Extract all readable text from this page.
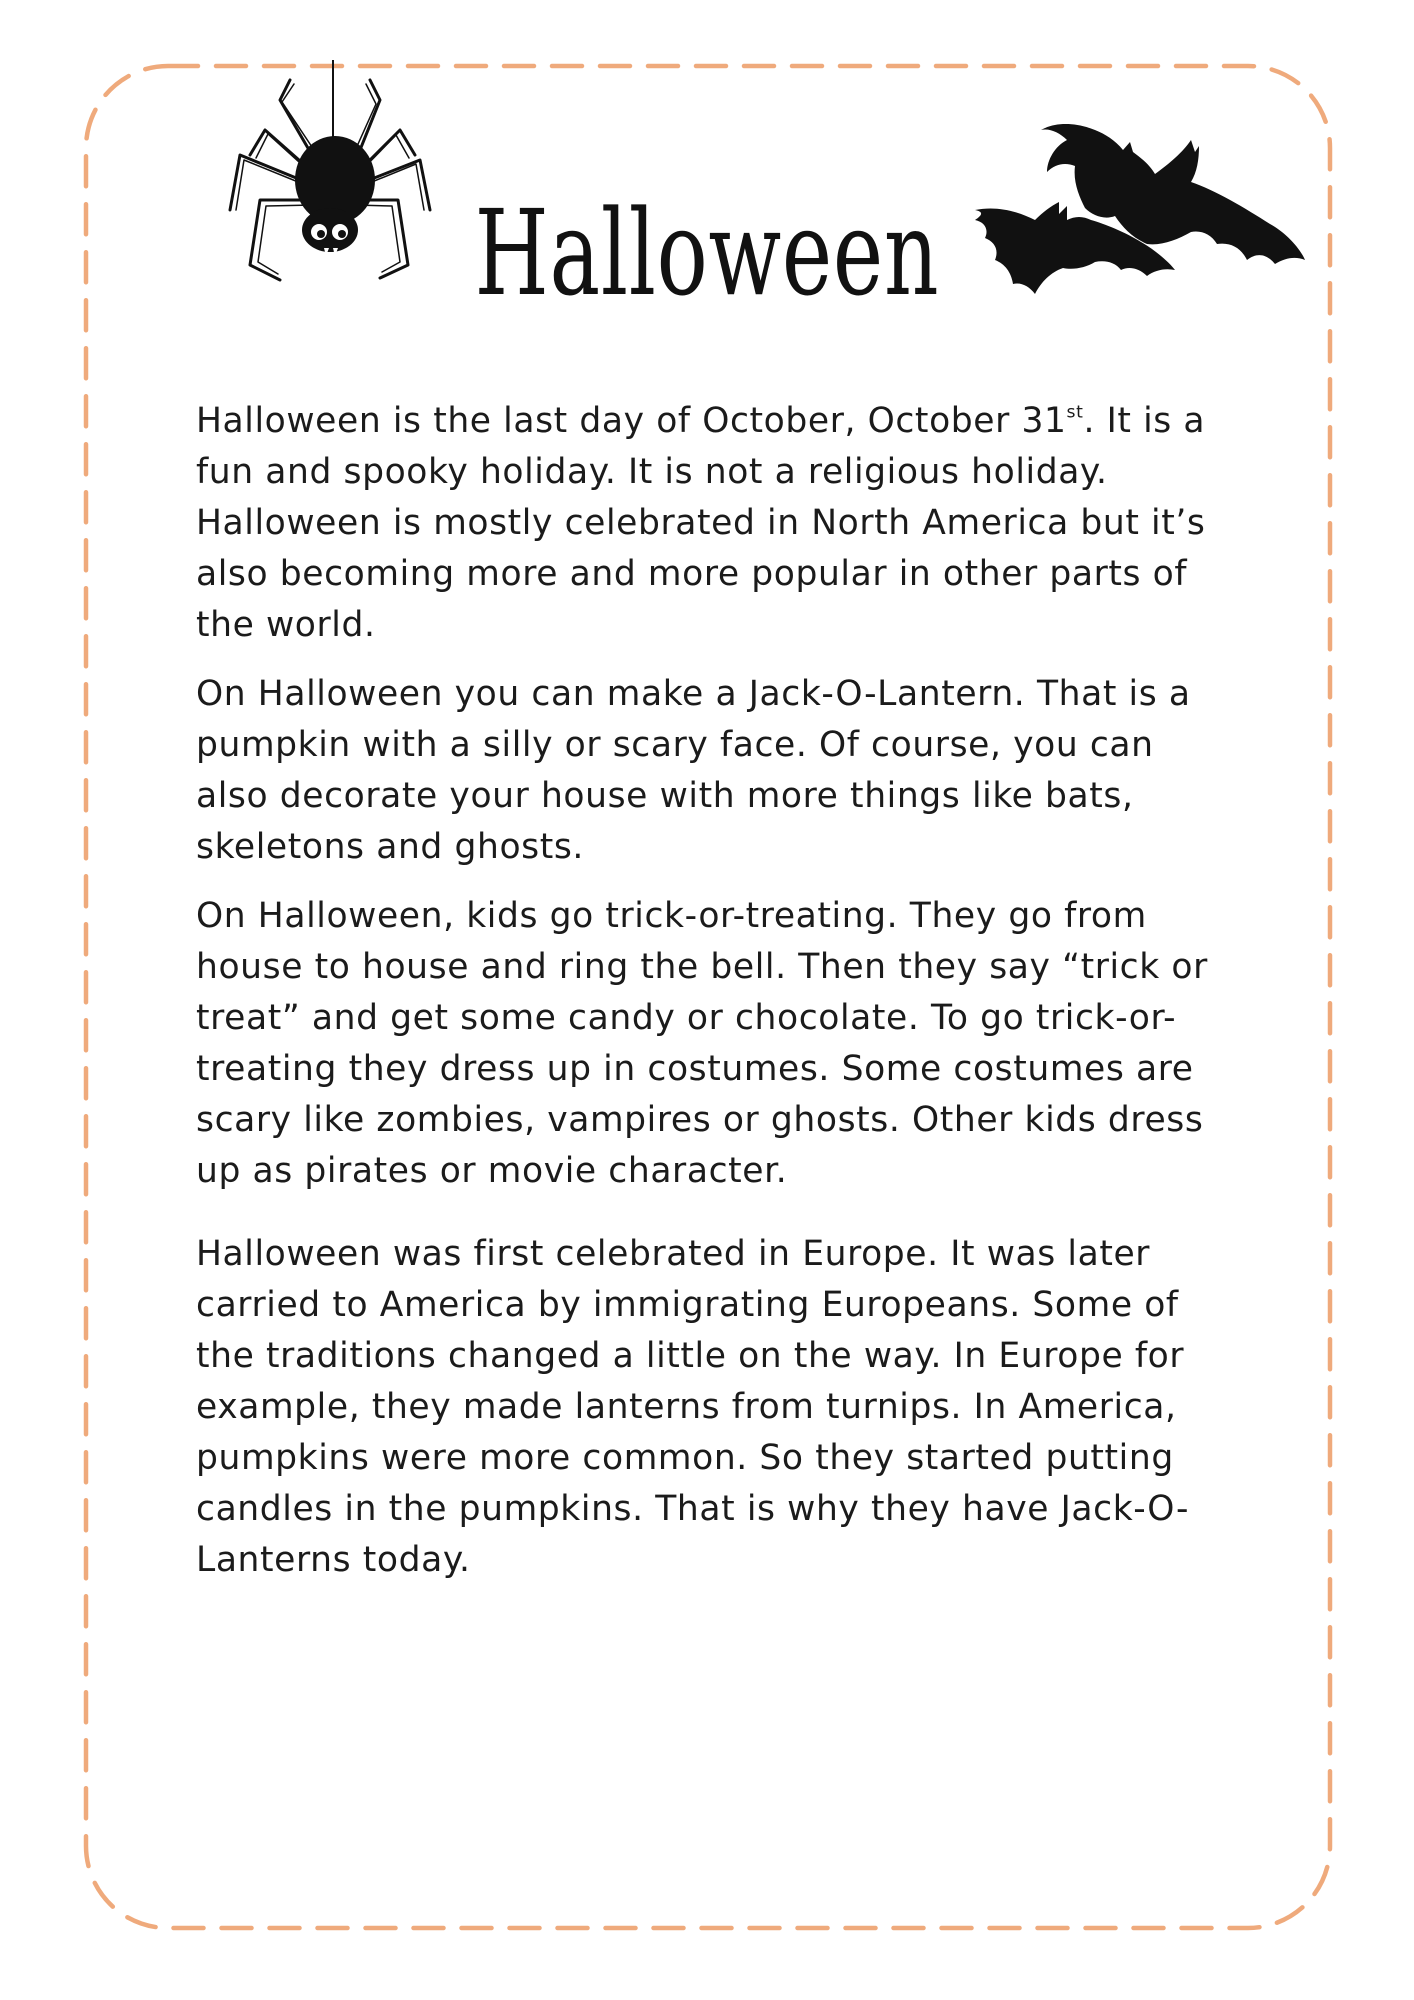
Halloween

Halloween is the last day of October, October 31st. It is a fun and spooky holiday. It is not a religious holiday. Halloween is mostly celebrated in North America but it’s also becoming more and more popular in other parts of the world.

On Halloween you can make a Jack-O-Lantern. That is a pumpkin with a silly or scary face. Of course, you can also decorate your house with more things like bats, skeletons and ghosts.

On Halloween, kids go trick-or-treating. They go from house to house and ring the bell. Then they say “trick or treat” and get some candy or chocolate. To go trick-or-treating they dress up in costumes. Some costumes are scary like zombies, vampires or ghosts. Other kids dress up as pirates or movie character.

Halloween was first celebrated in Europe. It was later carried to America by immigrating Europeans. Some of the traditions changed a little on the way. In Europe for example, they made lanterns from turnips. In America, pumpkins were more common. So they started putting candles in the pumpkins. That is why they have Jack-O-Lanterns today.
